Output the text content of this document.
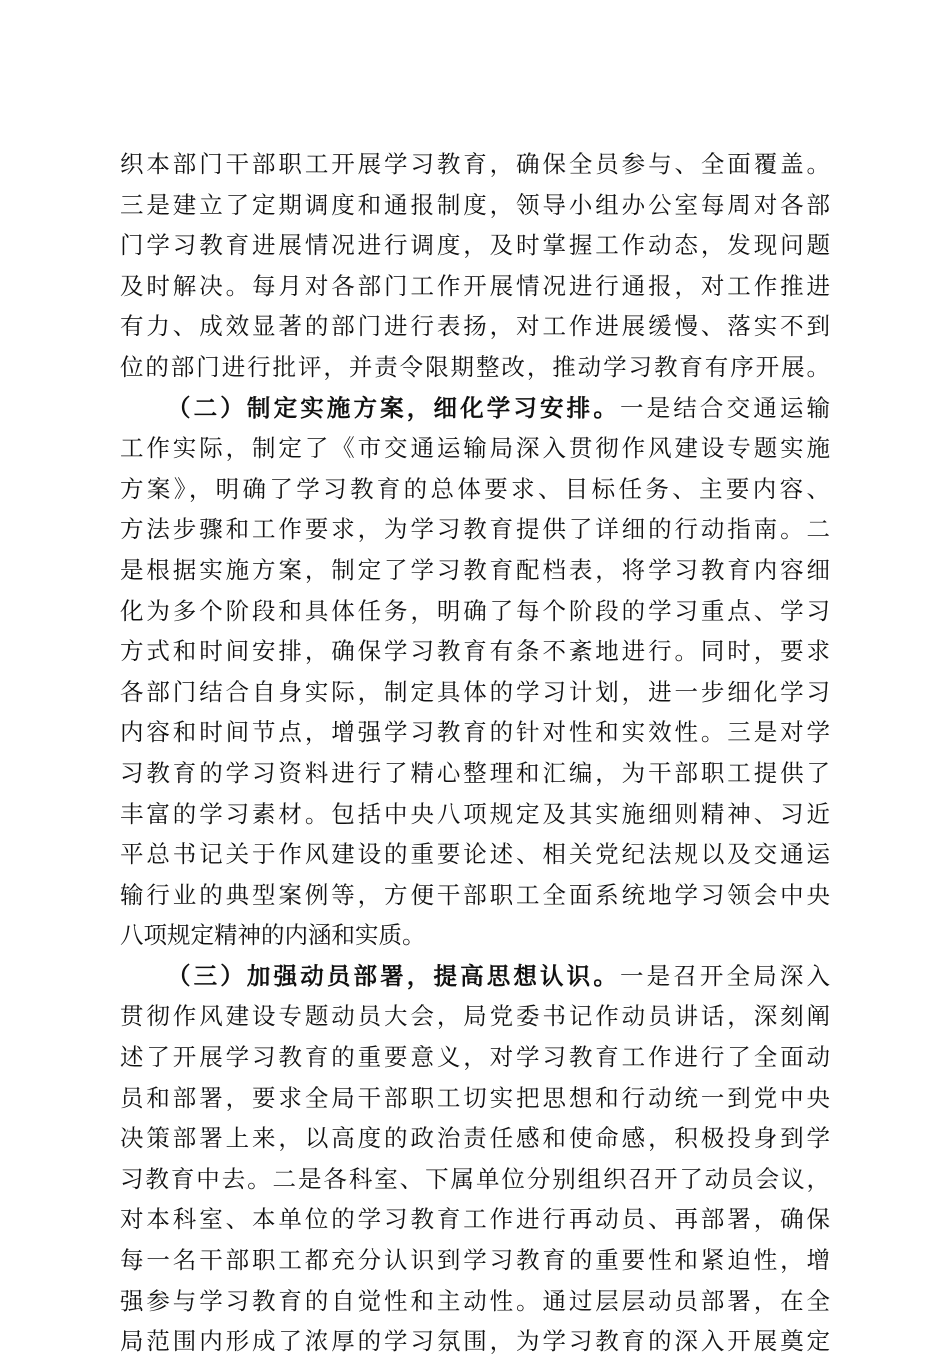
织本部门干部职工开展学习教育，确保全员参与、全面覆盖。
三是建立了定期调度和通报制度，领导小组办公室每周对各部
门学习教育进展情况进行调度，及时掌握工作动态，发现问题
及时解决。每月对各部门工作开展情况进行通报，对工作推进
有力、成效显著的部门进行表扬，对工作进展缓慢、落实不到
位的部门进行批评，并责令限期整改，推动学习教育有序开展。
（二）制定实施方案，细化学习安排。一是结合交通运输
工作实际，制定了《市交通运输局深入贯彻作风建设专题实施
方案》，明确了学习教育的总体要求、目标任务、主要内容、
方法步骤和工作要求，为学习教育提供了详细的行动指南。二
是根据实施方案，制定了学习教育配档表，将学习教育内容细
化为多个阶段和具体任务，明确了每个阶段的学习重点、学习
方式和时间安排，确保学习教育有条不紊地进行。同时，要求
各部门结合自身实际，制定具体的学习计划，进一步细化学习
内容和时间节点，增强学习教育的针对性和实效性。三是对学
习教育的学习资料进行了精心整理和汇编，为干部职工提供了
丰富的学习素材。包括中央八项规定及其实施细则精神、习近
平总书记关于作风建设的重要论述、相关党纪法规以及交通运
输行业的典型案例等，方便干部职工全面系统地学习领会中央
八项规定精神的内涵和实质。
（三）加强动员部署，提高思想认识。一是召开全局深入
贯彻作风建设专题动员大会，局党委书记作动员讲话，深刻阐
述了开展学习教育的重要意义，对学习教育工作进行了全面动
员和部署，要求全局干部职工切实把思想和行动统一到党中央
决策部署上来，以高度的政治责任感和使命感，积极投身到学
习教育中去。二是各科室、下属单位分别组织召开了动员会议，
对本科室、本单位的学习教育工作进行再动员、再部署，确保
每一名干部职工都充分认识到学习教育的重要性和紧迫性，增
强参与学习教育的自觉性和主动性。通过层层动员部署，在全
局范围内形成了浓厚的学习氛围，为学习教育的深入开展奠定
